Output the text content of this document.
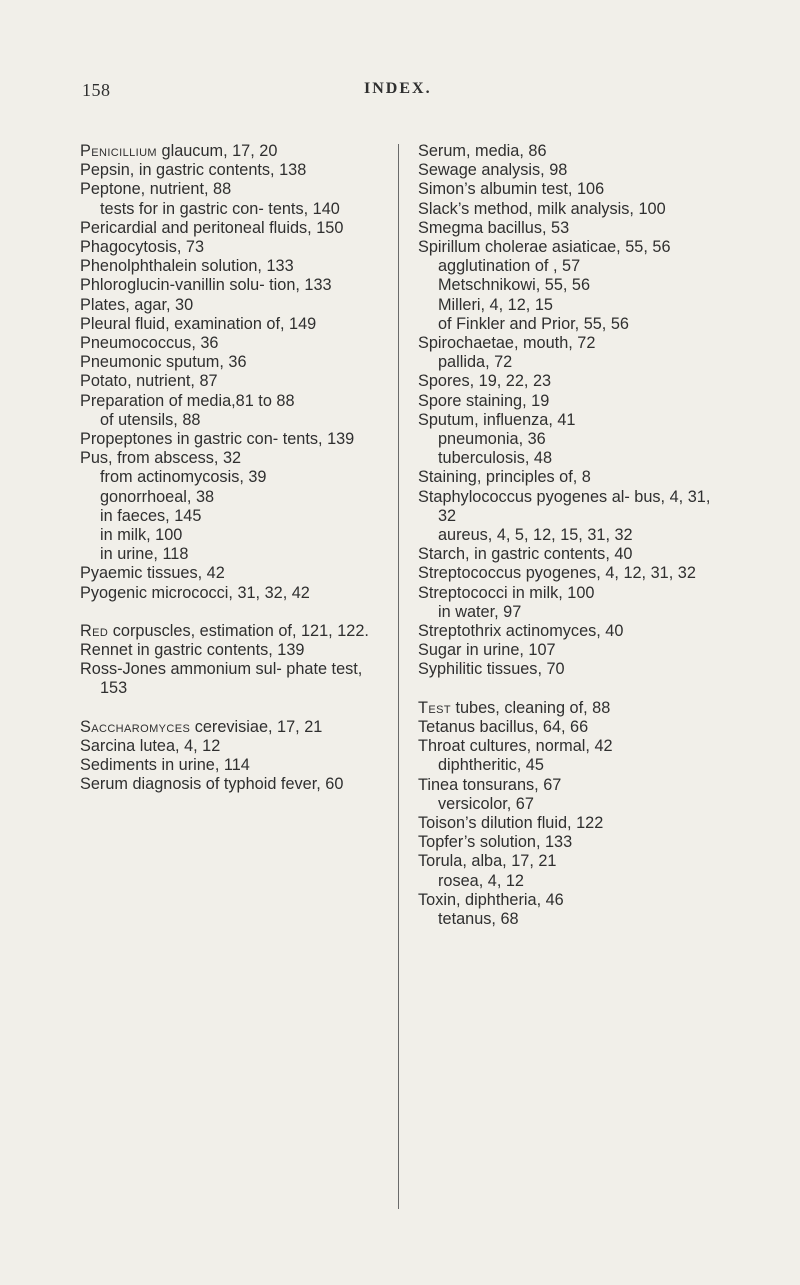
158	INDEX.

Penicillium glaucum, 17, 20

Pepsin, in gastric contents, 138

Peptone, nutrient, 88

tests for in gastric con- tents, 140

Pericardial and peritoneal fluids, 150

Phagocytosis, 73

Phenolphthalein solution, 133

Phloroglucin-vanillin solu- tion, 133

Plates, agar, 30

Pleural fluid, examination of, 149

Pneumococcus, 36

Pneumonic sputum, 36

Potato, nutrient, 87

Preparation of media,81 to 88

of utensils, 88

Propeptones in gastric con- tents, 139

Pus, from abscess, 32

from actinomycosis, 39

gonorrhoeal, 38

in faeces, 145

in milk, 100

in urine, 118

Pyaemic tissues, 42

Pyogenic micrococci, 31, 32, 42

Red corpuscles, estimation of, 121, 122.

Rennet in gastric contents, 139

Ross-Jones ammonium sul- phate test, 153

Saccharomyces cerevisiae, 17, 21

Sarcina lutea, 4, 12

Sediments in urine, 114

Serum diagnosis of typhoid fever, 60

Serum, media, 86

Sewage analysis, 98

Simon’s albumin test, 106

Slack’s method, milk analysis, 100

Smegma bacillus, 53

Spirillum cholerae asiaticae, 55, 56

agglutination of , 57

Metschnikowi, 55, 56

Milleri, 4, 12, 15

of Finkler and Prior, 55, 56

Spirochaetae, mouth, 72

pallida, 72

Spores, 19, 22, 23

Spore staining, 19

Sputum, influenza, 41

pneumonia, 36

tuberculosis, 48

Staining, principles of, 8

Staphylococcus pyogenes al- bus, 4, 31, 32

aureus, 4, 5, 12, 15, 31, 32

Starch, in gastric contents, 40

Streptococcus pyogenes, 4, 12, 31, 32

Streptococci in milk, 100

in water, 97

Streptothrix actinomyces, 40

Sugar in urine, 107

Syphilitic tissues, 70

Test tubes, cleaning of, 88

Tetanus bacillus, 64, 66

Throat cultures, normal, 42

diphtheritic, 45

Tinea tonsurans, 67

versicolor, 67

Toison’s dilution fluid, 122

Topfer’s solution, 133

Torula, alba, 17, 21

rosea, 4, 12

Toxin, diphtheria, 46

tetanus, 68
